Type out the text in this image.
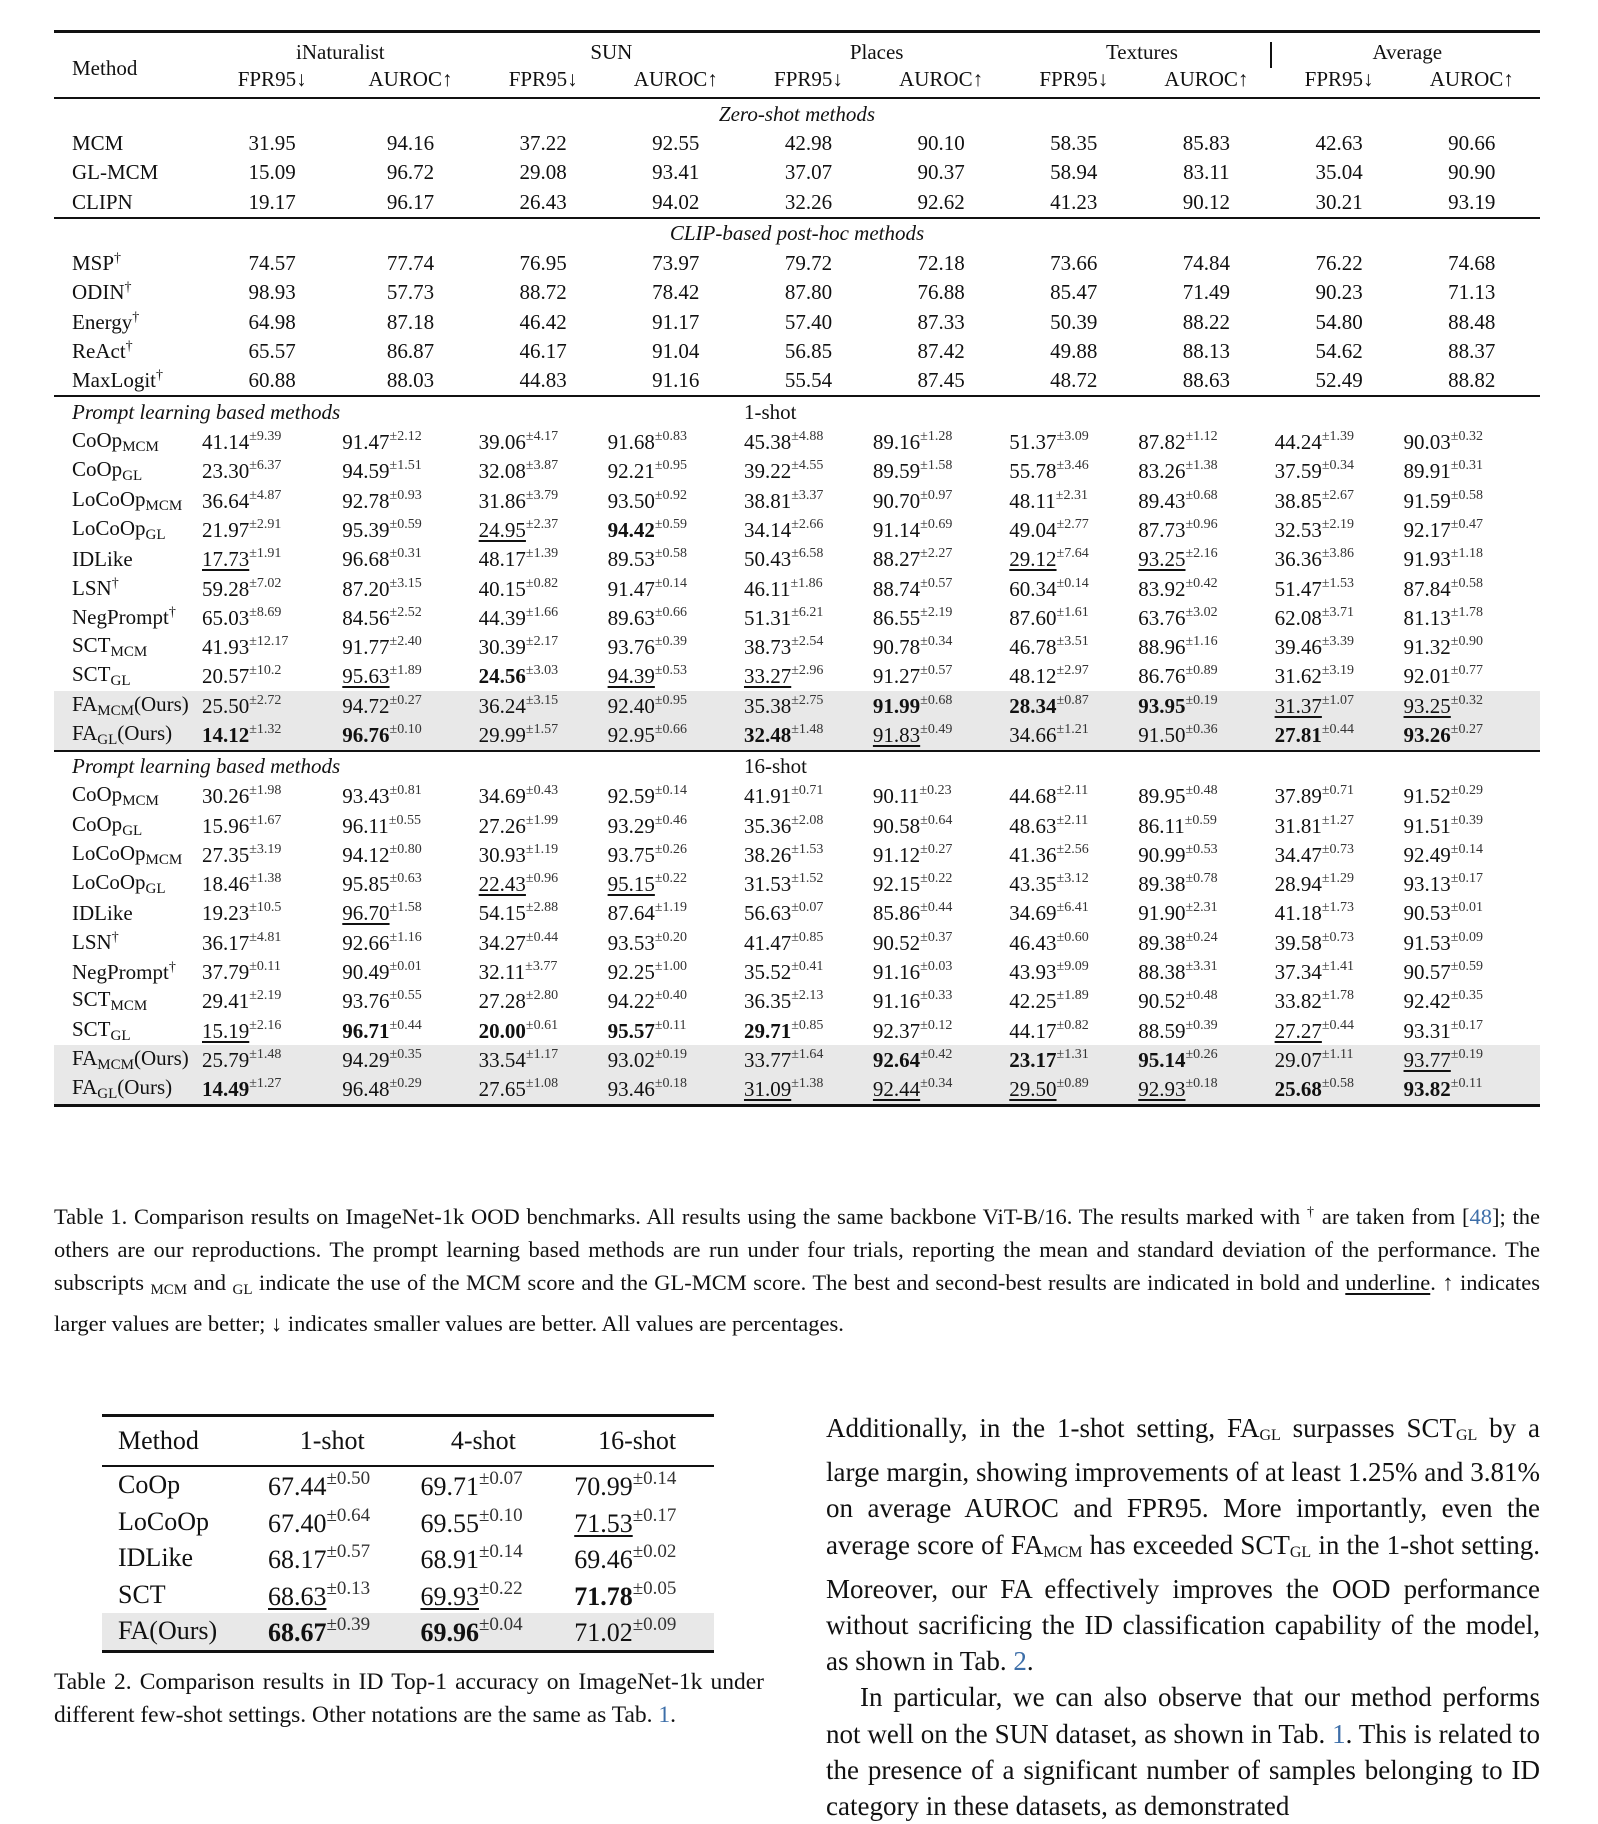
Method	iNaturalist		SUN		Places		Textures		Average	
	FPR95↓	AUROC↑	FPR95↓	AUROC↑	FPR95↓	AUROC↑	FPR95↓	AUROC↑	FPR95↓	AUROC↑

Zero-shot methods										
MCM	31.95	94.16	37.22	92.55	42.98	90.10	58.35	85.83	42.63	90.66
GL-MCM	15.09	96.72	29.08	93.41	37.07	90.37	58.94	83.11	35.04	90.90
CLIPN	19.17	96.17	26.43	94.02	32.26	92.62	41.23	90.12	30.21	93.19

CLIP-based post-hoc methods										
MSP†	74.57	77.74	76.95	73.97	79.72	72.18	73.66	74.84	76.22	74.68
ODIN†	98.93	57.73	88.72	78.42	87.80	76.88	85.47	71.49	90.23	71.13
Energy†	64.98	87.18	46.42	91.17	57.40	87.33	50.39	88.22	54.80	88.48
ReAct†	65.57	86.87	46.17	91.04	56.85	87.42	49.88	88.13	54.62	88.37
MaxLogit†	60.88	88.03	44.83	91.16	55.54	87.45	48.72	88.63	52.49	88.82

Prompt learning based methods					1-shot					
CoOp$_{MCM}$	$41.14^{\pm 9.39}$	$91.47^{\pm 2.12}$	$39.06^{\pm 4.17}$	$91.68^{\pm 0.83}$	$45.38^{\pm 4.88}$	$89.16^{\pm 1.28}$	$51.37^{\pm 3.09}$	$87.82^{\pm 1.12}$	$44.24^{\pm 1.39}$	$90.03^{\pm 0.32}$
CoOp$_{GL}$	$23.30^{\pm 6.37}$	$94.59^{\pm 1.51}$	$32.08^{\pm 3.87}$	$92.21^{\pm 0.95}$	$39.22^{\pm 4.55}$	$89.59^{\pm 1.58}$	$55.78^{\pm 3.46}$	$83.26^{\pm 1.38}$	$37.59^{\pm 0.34}$	$89.91^{\pm 0.31}$
LoCoOp$_{MCM}$	$36.64^{\pm 4.87}$	$92.78^{\pm 0.93}$	$31.86^{\pm 3.79}$	$93.50^{\pm 0.92}$	$38.81^{\pm 3.37}$	$90.70^{\pm 0.97}$	$48.11^{\pm 2.31}$	$89.43^{\pm 0.68}$	$38.85^{\pm 2.67}$	$91.59^{\pm 0.58}$
LoCoOp$_{GL}$	$21.97^{\pm 2.91}$	$95.39^{\pm 0.59}$	$24.95^{\pm 2.37}$	$94.42^{\pm 0.59}$	$34.14^{\pm 2.66}$	$91.14^{\pm 0.69}$	$49.04^{\pm 2.77}$	$87.73^{\pm 0.96}$	$32.53^{\pm 2.19}$	$92.17^{\pm 0.47}$
IDLike	$17.73^{\pm 1.91}$	$96.68^{\pm 0.31}$	$48.17^{\pm 1.39}$	$89.53^{\pm 0.58}$	$50.43^{\pm 6.58}$	$88.27^{\pm 2.27}$	$29.12^{\pm 7.64}$	$93.25^{\pm 2.16}$	$36.36^{\pm 3.86}$	$91.93^{\pm 1.18}$
LSN†	$59.28^{\pm 7.02}$	$87.20^{\pm 3.15}$	$40.15^{\pm 0.82}$	$91.47^{\pm 0.14}$	$46.11^{\pm 1.86}$	$88.74^{\pm 0.57}$	$60.34^{\pm 0.14}$	$83.92^{\pm 0.42}$	$51.47^{\pm 1.53}$	$87.84^{\pm 0.58}$
NegPrompt†	$65.03^{\pm 8.69}$	$84.56^{\pm 2.52}$	$44.39^{\pm 1.66}$	$89.63^{\pm 0.66}$	$51.31^{\pm 6.21}$	$86.55^{\pm 2.19}$	$87.60^{\pm 1.61}$	$63.76^{\pm 3.02}$	$62.08^{\pm 3.71}$	$81.13^{\pm 1.78}$
$SCT_{MCM}$	$41.93^{\pm 12.17}$	$91.77^{\pm 2.40}$	$30.39^{\pm 2.17}$	$93.76^{\pm 0.39}$	$38.73^{\pm 2.54}$	$90.78^{\pm 0.34}$	$46.78^{\pm 3.51}$	$88.96^{\pm 1.16}$	$39.46^{\pm 3.39}$	$91.32^{\pm 0.90}$
$SCT_{GL}$	$20.57^{\pm 10.2}$	$95.63^{\pm 1.89}$	$24.56^{\pm 3.03}$	$94.39^{\pm 0.53}$	$33.27^{\pm 2.96}$	$91.27^{\pm 0.57}$	$48.12^{\pm 2.97}$	$86.76^{\pm 0.89}$	$31.62^{\pm 3.19}$	$92.01^{\pm 0.77}$
$FA_{MCM}(Ours)$	$25.50^{\pm 2.72}$	$94.72^{\pm 0.27}$	$36.24^{\pm 3.15}$	$92.40^{\pm 0.95}$	$35.38^{\pm 2.75}$	$91.99^{\pm 0.68}$	$28.34^{\pm 0.87}$	$93.95^{\pm 0.19}$	$31.37^{\pm 1.07}$	$93.25^{\pm 0.32}$
$FA_{GL}(Ours)$	$14.12^{\pm 1.32}$	$96.76^{\pm 0.10}$	$29.99^{\pm 1.57}$	$92.95^{\pm 0.66}$	$32.48^{\pm 1.48}$	$91.83^{\pm 0.49}$	$34.66^{\pm 1.21}$	$91.50^{\pm 0.36}$	$27.81^{\pm 0.44}$	$93.26^{\pm 0.27}$

Prompt learning based methods					16-shot					
CoOp$_{MCM}$	$30.26^{\pm 1.98}$	$93.43^{\pm 0.81}$	$34.69^{\pm 0.43}$	$92.59^{\pm 0.14}$	$41.91^{\pm 0.71}$	$90.11^{\pm 0.23}$	$44.68^{\pm 2.11}$	$89.95^{\pm 0.48}$	$37.89^{\pm 0.71}$	$91.52^{\pm 0.29}$
CoOp$_{GL}$	$15.96^{\pm 1.67}$	$96.11^{\pm 0.55}$	$27.26^{\pm 1.99}$	$93.29^{\pm 0.46}$	$35.36^{\pm 2.08}$	$90.58^{\pm 0.64}$	$48.63^{\pm 2.11}$	$86.11^{\pm 0.59}$	$31.81^{\pm 1.27}$	$91.51^{\pm 0.39}$
LoCoOp$_{MCM}$	$27.35^{\pm 3.19}$	$94.12^{\pm 0.80}$	$30.93^{\pm 1.19}$	$93.75^{\pm 0.26}$	$38.26^{\pm 1.53}$	$91.12^{\pm 0.27}$	$41.36^{\pm 2.56}$	$90.99^{\pm 0.53}$	$34.47^{\pm 0.73}$	$92.49^{\pm 0.14}$
LoCoOp$_{GL}$	$18.46^{\pm 1.38}$	$95.85^{\pm 0.63}$	$22.43^{\pm 0.96}$	$95.15^{\pm 0.22}$	$31.53^{\pm 1.52}$	$92.15^{\pm 0.22}$	$43.35^{\pm 3.12}$	$89.38^{\pm 0.78}$	$28.94^{\pm 1.29}$	$93.13^{\pm 0.17}$
IDLike	$19.23^{\pm 10.5}$	$96.70^{\pm 1.58}$	$54.15^{\pm 2.88}$	$87.64^{\pm 1.19}$	$56.63^{\pm 0.07}$	$85.86^{\pm 0.44}$	$34.69^{\pm 6.41}$	$91.90^{\pm 2.31}$	$41.18^{\pm 1.73}$	$90.53^{\pm 0.01}$
LSN†	$36.17^{\pm 4.81}$	$92.66^{\pm 1.16}$	$34.27^{\pm 0.44}$	$93.53^{\pm 0.20}$	$41.47^{\pm 0.85}$	$90.52^{\pm 0.37}$	$46.43^{\pm 0.60}$	$89.38^{\pm 0.24}$	$39.58^{\pm 0.73}$	$91.53^{\pm 0.09}$
NegPrompt†	$37.79^{\pm 0.11}$	$90.49^{\pm 0.01}$	$32.11^{\pm 3.77}$	$92.25^{\pm 1.00}$	$35.52^{\pm 0.41}$	$91.16^{\pm 0.03}$	$43.93^{\pm 9.09}$	$88.38^{\pm 3.31}$	$37.34^{\pm 1.41}$	$90.57^{\pm 0.59}$
$SCT_{MCM}$	$29.41^{\pm 2.19}$	$93.76^{\pm 0.55}$	$27.28^{\pm 2.80}$	$94.22^{\pm 0.40}$	$36.35^{\pm 2.13}$	$91.16^{\pm 0.33}$	$42.25^{\pm 1.89}$	$90.52^{\pm 0.48}$	$33.82^{\pm 1.78}$	$92.42^{\pm 0.35}$
$SCT_{GL}$	$15.19^{\pm 2.16}$	$96.71^{\pm 0.44}$	$20.00^{\pm 0.61}$	$95.57^{\pm 0.11}$	$29.71^{\pm 0.85}$	$92.37^{\pm 0.12}$	$44.17^{\pm 0.82}$	$88.59^{\pm 0.39}$	$27.27^{\pm 0.44}$	$93.31^{\pm 0.17}$
$FA_{MCM}(Ours)$	$25.79^{\pm 1.48}$	$94.29^{\pm 0.35}$	$33.54^{\pm 1.17}$	$93.02^{\pm 0.19}$	$33.77^{\pm 1.64}$	$92.64^{\pm 0.42}$	$23.17^{\pm 1.31}$	$95.14^{\pm 0.26}$	$29.07^{\pm 1.11}$	$93.77^{\pm 0.19}$
$FA_{GL}(Ours)$	$14.49^{\pm 1.27}$	$96.48^{\pm 0.29}$	$27.65^{\pm 1.08}$	$93.46^{\pm 0.18}$	$31.09^{\pm 1.38}$	$92.44^{\pm 0.34}$	$29.50^{\pm 0.89}$	$92.93^{\pm 0.18}$	$25.68^{\pm 0.58}$	$93.82^{\pm 0.11}$

Table 1. Comparison results on ImageNet-1k OOD benchmarks. All results using the same backbone ViT-B/16. The results marked with † are taken from [48]; the others are our reproductions. The prompt learning based methods are run under four trials, reporting the mean and standard deviation of the performance. The subscripts $_{MCM}$ and $_{GL}$ indicate the use of the MCM score and the GL-MCM score. The best and second-best results are indicated in bold and underline. ↑ indicates larger values are better; ↓ indicates smaller values are better. All values are percentages.

Method	1-shot	4-shot	16-shot

CoOp	$67.44^{\pm 0.50}$	$69.71^{\pm 0.07}$	$70.99^{\pm 0.14}$
LoCoOp	$67.40^{\pm 0.64}$	$69.55^{\pm 0.10}$	$71.53^{\pm 0.17}$
IDLike	$68.17^{\pm 0.57}$	$68.91^{\pm 0.14}$	$69.46^{\pm 0.02}$
SCT	$68.63^{\pm 0.13}$	$69.93^{\pm 0.22}$	$71.78^{\pm 0.05}$
FA(Ours)	$68.67^{\pm 0.39}$	$69.96^{\pm 0.04}$	$71.02^{\pm 0.09}$

Table 2. Comparison results in ID Top-1 accuracy on ImageNet-1k under different few-shot settings. Other notations are the same as Tab. 1.

Additionally, in the 1-shot setting, $FA_{GL}$ surpasses $SCT_{GL}$ by a large margin, showing improvements of at least 1.25% and 3.81% on average AUROC and FPR95. More importantly, even the average score of $FA_{MCM}$ has exceeded $SCT_{GL}$ in the 1-shot setting. Moreover, our FA effectively improves the OOD performance without sacrificing the ID classification capability of the model, as shown in Tab. 2.

In particular, we can also observe that our method performs not well on the SUN dataset, as shown in Tab. 1. This is related to the presence of a significant number of samples belonging to ID category in these datasets, as demonstrated
